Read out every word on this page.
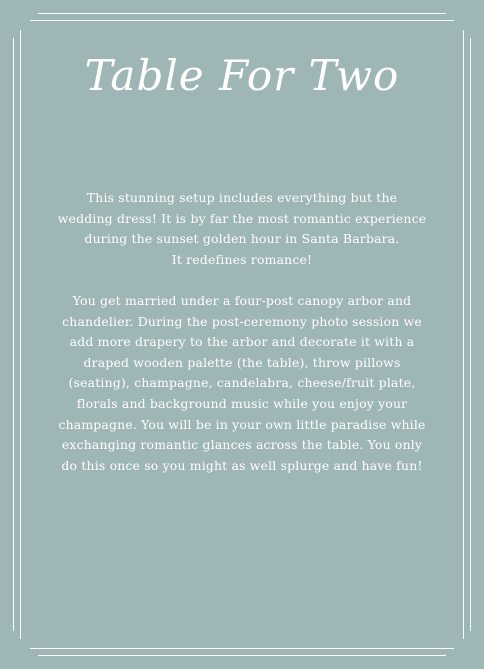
Table For Two

This stunning setup includes everything but the
wedding dress! It is by far the most romantic experience
during the sunset golden hour in Santa Barbara.
It redefines romance!

You get married under a four-post canopy arbor and
chandelier. During the post-ceremony photo session we
add more drapery to the arbor and decorate it with a
draped wooden palette (the table), throw pillows
(seating), champagne, candelabra, cheese/fruit plate,
florals and background music while you enjoy your
champagne. You will be in your own little paradise while
exchanging romantic glances across the table. You only
do this once so you might as well splurge and have fun!
